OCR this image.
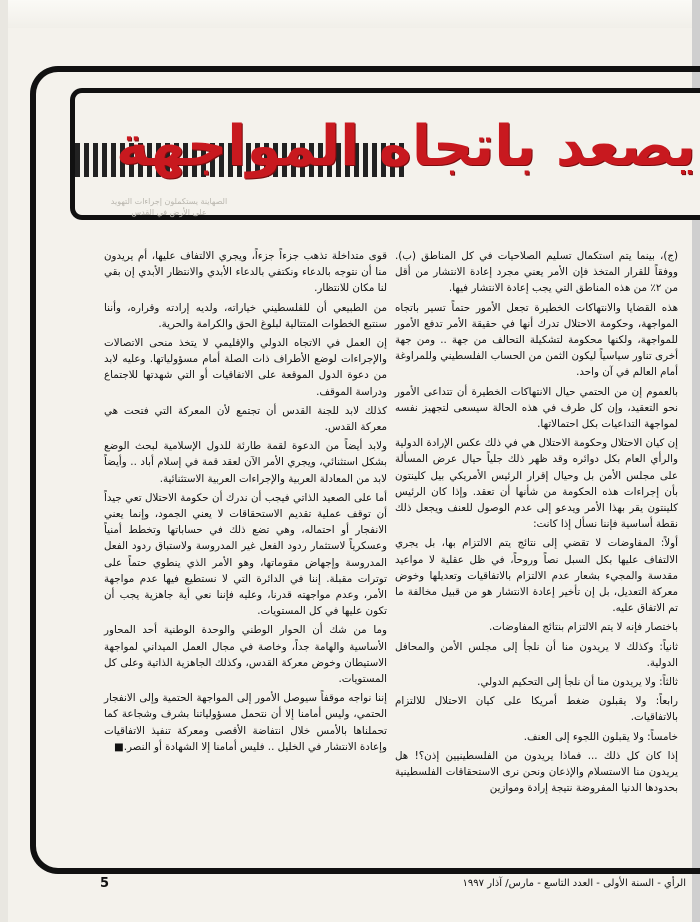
يصعد باتجاه المواجهة
الصهاينة يستكملون إجراءات التهويد على الأرض في القدس

(ج)، بينما يتم استكمال تسليم الصلاحيات في كل المناطق (ب). ووفقاً للقرار المتخذ فإن الأمر يعني مجرد إعادة الانتشار من أقل من ٢٪ من هذه المناطق التي يجب إعادة الانتشار فيها.

هذه القضايا والانتهاكات الخطيرة تجعل الأمور حتماً تسير باتجاه المواجهة، وحكومة الاحتلال تدرك أنها في حقيقة الأمر تدفع الأمور للمواجهة، ولكنها محكومة لتشكيلة التحالف من جهة .. ومن جهة أخرى تناور سياسياً ليكون الثمن من الحساب الفلسطيني وللمراوغة أمام العالم في آن واحد.

بالعموم إن من الحتمي حيال الانتهاكات الخطيرة أن تتداعى الأمور نحو التعقيد، وإن كل طرف في هذه الحالة سيسعى لتجهيز نفسه لمواجهة التداعيات بكل احتمالاتها.

إن كيان الاحتلال وحكومة الاحتلال هي في ذلك عكس الإرادة الدولية والرأي العام بكل دوائره وقد ظهر ذلك جلياً حيال عرض المسألة على مجلس الأمن بل وحيال إقرار الرئيس الأمريكي بيل كلينتون بأن إجراءات هذه الحكومة من شأنها أن تعقد. وإذا كان الرئيس كلينتون يقر بهذا الأمر ويدعو إلى عدم الوصول للعنف ويجعل ذلك نقطة أساسية فإننا نسأل إذا كانت:

أولاً: المفاوضات لا تقضي إلى نتائج يتم الالتزام بها، بل يجري الالتفاف عليها بكل السبل نصاً وروحاً، في ظل عقلية لا مواعيد مقدسة والمجيء بشعار عدم الالتزام بالاتفاقيات وتعديلها وخوض معركة التعديل، بل إن تأخير إعادة الانتشار هو من قبيل مخالفة ما تم الاتفاق عليه.

باختصار فإنه لا يتم الالتزام بنتائج المفاوضات.

ثانياً: وكذلك لا يريدون منا أن نلجأ إلى مجلس الأمن والمحافل الدولية.

ثالثاً: ولا يريدون منا أن نلجأ إلى التحكيم الدولي.

رابعاً: ولا يقبلون ضغط أمريكا على كيان الاحتلال للالتزام بالاتفاقيات.

خامساً: ولا يقبلون اللجوء إلى العنف.

إذا كان كل ذلك ... فماذا يريدون من الفلسطينيين إذن؟! هل يريدون منا الاستسلام والإذعان ونحن نرى الاستحقاقات الفلسطينية بحدودها الدنيا المفروضة نتيجة إرادة وموازين

قوى متداخلة تذهب جزءاً جزءاً، ويجري الالتفاف عليها، أم يريدون منا أن نتوجه بالدعاء ونكتفي بالدعاء الأبدي والانتظار الأبدي إن بقي لنا مكان للانتظار.

من الطبيعي أن للفلسطيني خياراته، ولديه إرادته وقراره، وأننا سنتبع الخطوات المتتالية لبلوغ الحق والكرامة والحرية.

إن العمل في الاتجاه الدولي والإقليمي لا يتخذ منحى الاتصالات والإجراءات لوضع الأطراف ذات الصلة أمام مسؤولياتها. وعليه لابد من دعوة الدول الموقعة على الاتفاقيات أو التي شهدتها للاجتماع ودراسة الموقف.

كذلك لابد للجنة القدس أن تجتمع لأن المعركة التي فتحت هي معركة القدس.

ولابد أيضاً من الدعوة لقمة طارئة للدول الإسلامية لبحث الوضع بشكل استثنائي، ويجري الأمر الآن لعقد قمة في إسلام أباد .. وأيضاً لابد من المعادلة العربية والإجراءات العربية الاستثنائية.

أما على الصعيد الذاتي فيجب أن ندرك أن حكومة الاحتلال تعي جيداً أن توقف عملية تقديم الاستحقاقات لا يعني الجمود، وإنما يعني الانفجار أو احتماله، وهي تضع ذلك في حساباتها وتخطط أمنياً وعسكرياً لاستثمار ردود الفعل غير المدروسة ولاستباق ردود الفعل المدروسة وإجهاض مقوماتها، وهو الأمر الذي ينطوي حتماً على توترات مقبلة. إننا في الدائرة التي لا نستطيع فيها عدم مواجهة الأمر، وعدم مواجهته قدرنا، وعليه فإننا نعي أية جاهزية يجب أن تكون عليها في كل المستويات.

وما من شك أن الحوار الوطني والوحدة الوطنية أحد المحاور الأساسية والهامة جداً، وخاصة في مجال العمل الميداني لمواجهة الاستيطان وخوض معركة القدس، وكذلك الجاهزية الذاتية وعلى كل المستويات.

إننا نواجه موقفاً سيوصل الأمور إلى المواجهة الحتمية وإلى الانفجار الحتمي، وليس أمامنا إلا أن نتحمل مسؤولياتنا بشرف وشجاعة كما تحملناها بالأمس خلال انتفاضة الأقصى ومعركة تنفيذ الاتفاقيات وإعادة الانتشار في الخليل .. فليس أمامنا إلا الشهادة أو النصر.■

الرأي - السنة الأولى - العدد التاسع - مارس/ آذار ١٩٩٧
5
